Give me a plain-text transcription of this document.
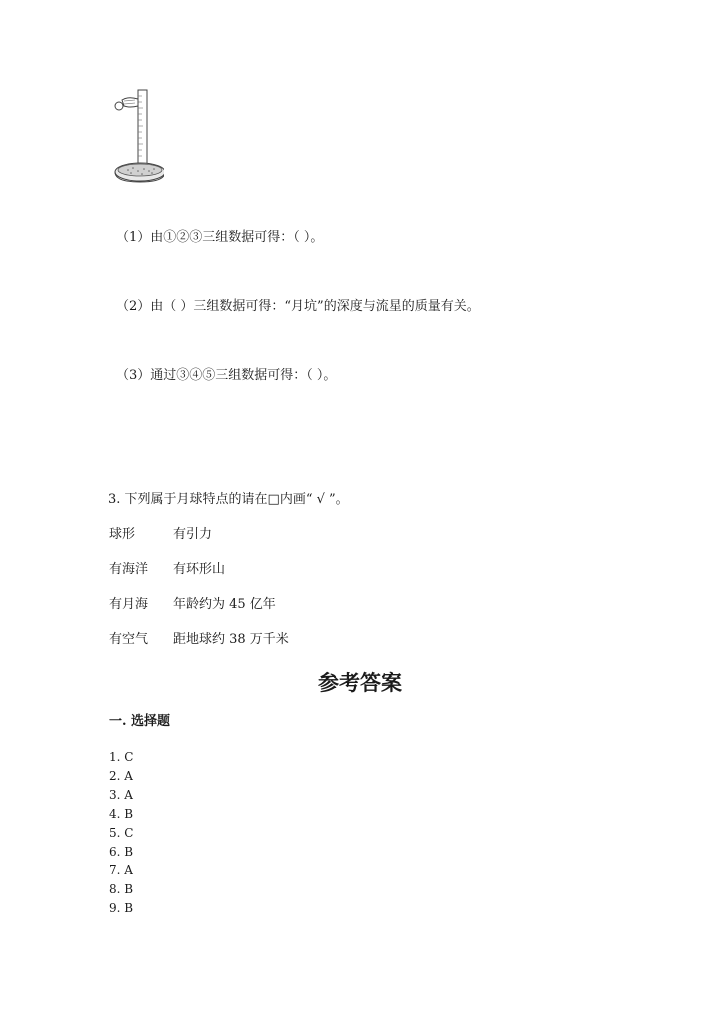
（1）由①②③三组数据可得：（ ）。
（2）由（ ）三组数据可得：“月坑”的深度与流星的质量有关。
（3）通过③④⑤三组数据可得：（ ）。
3. 下列属于月球特点的请在□内画“ √ ”。
球形	有引力
有海洋 有环形山
有月海 年龄约为 45 亿年
有空气 距地球约 38 万千米
参考答案
一. 选择题
1. C
2. A
3. A
4. B
5. C
6. B
7. A
8. B
9. B
